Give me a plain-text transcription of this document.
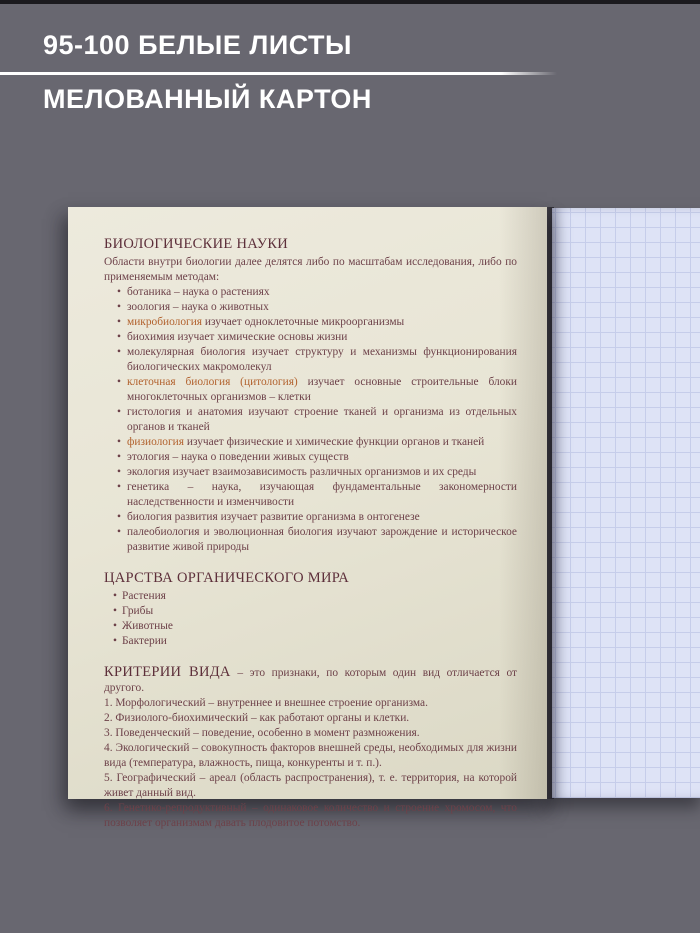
95-100 БЕЛЫЕ ЛИСТЫ
МЕЛОВАННЫЙ КАРТОН
БИОЛОГИЧЕСКИЕ НАУКИ

Области внутри биологии далее делятся либо по масштабам исследования, либо по применяемым методам:

• ботаника – наука о растениях
• зоология – наука о животных
• микробиология изучает одноклеточные микроорганизмы
• биохимия изучает химические основы жизни
• молекулярная биология изучает структуру и механизмы функционирования биологических макромолекул
• клеточная биология (цитология) изучает основные строительные блоки многоклеточных организмов – клетки
• гистология и анатомия изучают строение тканей и организма из отдельных органов и тканей
• физиология изучает физические и химические функции органов и тканей
• этология – наука о поведении живых существ
• экология изучает взаимозависимость различных организмов и их среды
• генетика – наука, изучающая фундаментальные закономерности наследственности и изменчивости
• биология развития изучает развитие организма в онтогенезе
• палеобиология и эволюционная биология изучают зарождение и историческое развитие живой природы
ЦАРСТВА ОРГАНИЧЕСКОГО МИРА
• Растения
• Грибы
• Животные
• Бактерии

КРИТЕРИИ ВИДА – это признаки, по которым один вид отличается от другого.

1. Морфологический – внутреннее и внешнее строение организма.

2. Физиолого-биохимический – как работают органы и клетки.

3. Поведенческий – поведение, особенно в момент размножения.

4. Экологический – совокупность факторов внешней среды, необходимых для жизни вида (температура, влажность, пища, конкуренты и т. п.).

5. Географический – ареал (область распространения), т. е. территория, на которой живет данный вид.

6. Генетико-репродуктивный – одинаковое количество и строение хромосом, что позволяет организмам давать плодовитое потомство.
